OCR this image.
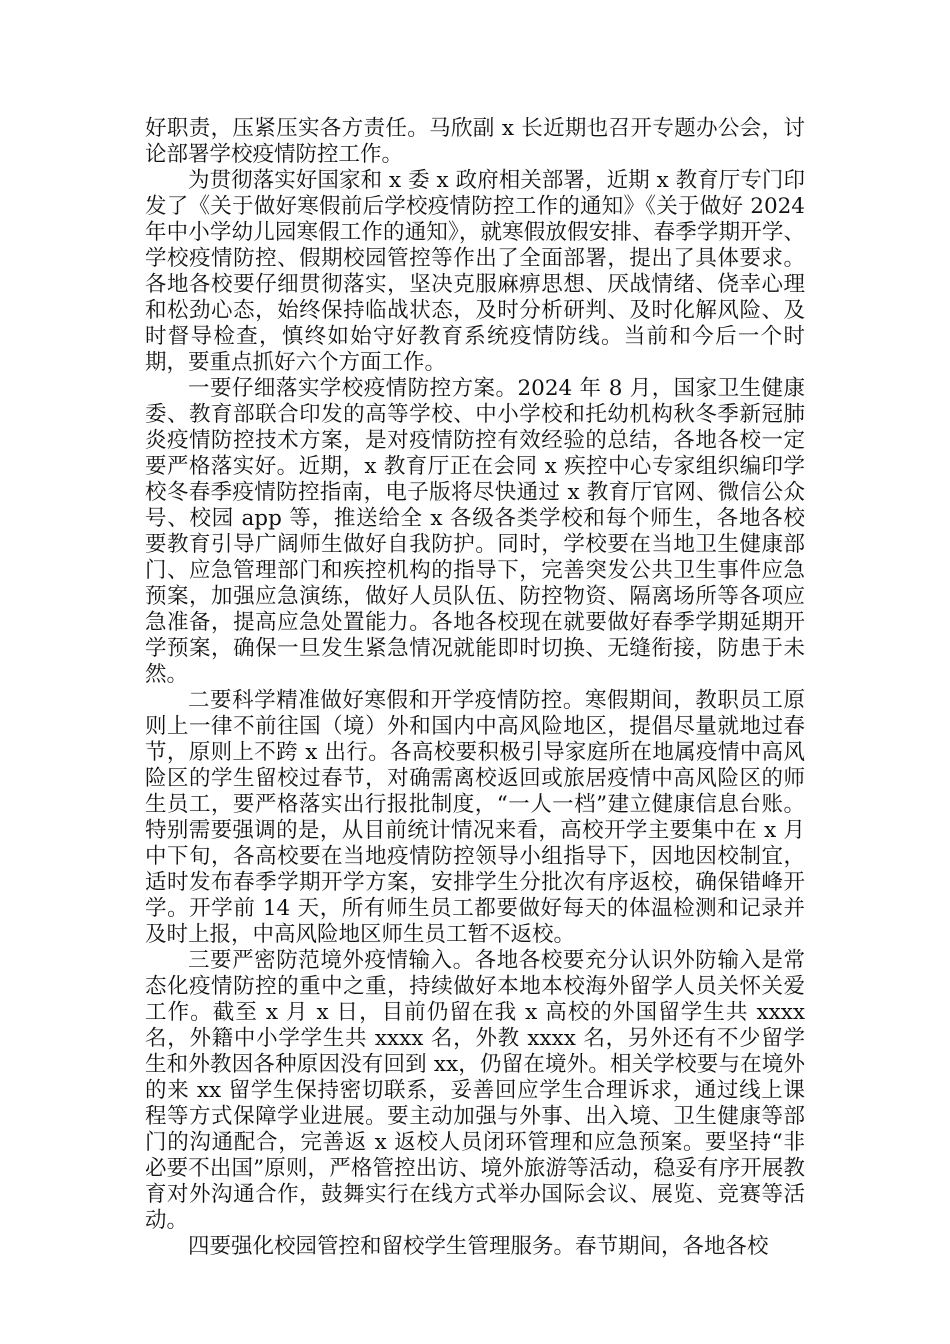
好职责，压紧压实各方责任。马欣副 x 长近期也召开专题办公会，讨论部署学校疫情防控工作。

为贯彻落实好国家和 x 委 x 政府相关部署，近期 x 教育厅专门印发了《关于做好寒假前后学校疫情防控工作的通知》《关于做好 2024 年中小学幼儿园寒假工作的通知》，就寒假放假安排、春季学期开学、学校疫情防控、假期校园管控等作出了全面部署，提出了具体要求。各地各校要仔细贯彻落实，坚决克服麻痹思想、厌战情绪、侥幸心理和松劲心态，始终保持临战状态，及时分析研判、及时化解风险、及时督导检查，慎终如始守好教育系统疫情防线。当前和今后一个时期，要重点抓好六个方面工作。

一要仔细落实学校疫情防控方案。2024 年 8 月，国家卫生健康委、教育部联合印发的高等学校、中小学校和托幼机构秋冬季新冠肺炎疫情防控技术方案，是对疫情防控有效经验的总结，各地各校一定要严格落实好。近期，x 教育厅正在会同 x 疾控中心专家组织编印学校冬春季疫情防控指南，电子版将尽快通过 x 教育厅官网、微信公众号、校园 app 等，推送给全 x 各级各类学校和每个师生，各地各校要教育引导广阔师生做好自我防护。同时，学校要在当地卫生健康部门、应急管理部门和疾控机构的指导下，完善突发公共卫生事件应急预案，加强应急演练，做好人员队伍、防控物资、隔离场所等各项应急准备，提高应急处置能力。各地各校现在就要做好春季学期延期开学预案，确保一旦发生紧急情况就能即时切换、无缝衔接，防患于未然。

二要科学精准做好寒假和开学疫情防控。寒假期间，教职员工原则上一律不前往国（境）外和国内中高风险地区，提倡尽量就地过春节，原则上不跨 x 出行。各高校要积极引导家庭所在地属疫情中高风险区的学生留校过春节，对确需离校返回或旅居疫情中高风险区的师生员工，要严格落实出行报批制度，“一人一档”建立健康信息台账。特别需要强调的是，从目前统计情况来看，高校开学主要集中在 x 月中下旬，各高校要在当地疫情防控领导小组指导下，因地因校制宜，适时发布春季学期开学方案，安排学生分批次有序返校，确保错峰开学。开学前 14 天，所有师生员工都要做好每天的体温检测和记录并及时上报，中高风险地区师生员工暂不返校。

三要严密防范境外疫情输入。各地各校要充分认识外防输入是常态化疫情防控的重中之重，持续做好本地本校海外留学人员关怀关爱工作。截至 x 月 x 日，目前仍留在我 x 高校的外国留学生共 xxxx 名，外籍中小学学生共 xxxx 名，外教 xxxx 名，另外还有不少留学生和外教因各种原因没有回到 xx，仍留在境外。相关学校要与在境外的来 xx 留学生保持密切联系，妥善回应学生合理诉求，通过线上课程等方式保障学业进展。要主动加强与外事、出入境、卫生健康等部门的沟通配合，完善返 x 返校人员闭环管理和应急预案。要坚持“非必要不出国”原则，严格管控出访、境外旅游等活动，稳妥有序开展教育对外沟通合作，鼓舞实行在线方式举办国际会议、展览、竞赛等活动。

四要强化校园管控和留校学生管理服务。春节期间，各地各校
